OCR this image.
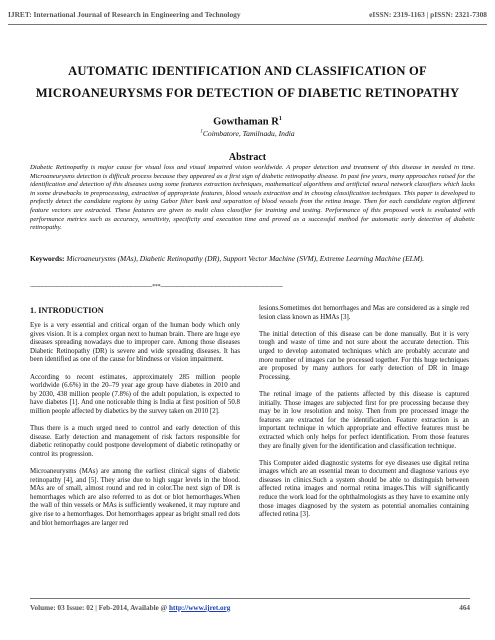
IJRET: International Journal of Research in Engineering and Technology	eISSN: 2319-1163 | pISSN: 2321-7308
AUTOMATIC IDENTIFICATION AND CLASSIFICATION OF
MICROANEURYSMS FOR DETECTION OF DIABETIC RETINOPATHY
Gowthaman $R^1$
$^1$Coimbatore, Tamilnadu, India
Abstract

Diabetic Retinopathy is major cause for visual loss and visual impaired vision worldwide. A proper detection and treatment of this disease in needed in time. Microaneurysms detection is difficult process because they appeared as a first sign of diabetic retinopathy disease. In past few years, many approaches raised for the identification and detection of this diseases using some features extraction techniques, mathematical algorithms and artificial neural network classifiers which lacks in some drawbacks in preprocessing, extraction of appropriate features, blood vessels extraction and in chosing classification techniques. This paper is developed to prefectly detect the candidate regions by using Gabor filter bank and separation of blood vessels from the retina image. Then for each candidate region different feature vectors are extracted. These features are given to multi class classifier for training and testing. Performance of this proposed work is evaluated with performance metrics such as accuracy, sensitivity, specificity and execution time and proved as a successful method for automatic early detection of diabetic retinopathy.

Keywords: Microaneurysms (MAs), Diabetic Retinopathy (DR), Support Vector Machine (SVM), Extreme Learning Machine (ELM).

------------------------------------------------------------------------***------------------------------------------------------------------------
1. INTRODUCTION

Eye is a very essential and critical organ of the human body which only gives vision. It is a complex organ next to human brain. There are huge eye diseases spreading nowadays due to improper care. Among those diseases Diabetic Retinopathy (DR) is severe and wide spreading diseases. It has been identified as one of the cause for blindness or vision impairment.

According to recent estimates, approximately 285 million people worldwide (6.6%) in the 20–79 year age group have diabetes in 2010 and by 2030, 438 million people (7.8%) of the adult population, is expected to have diabetes [1]. And one noticeable thing is India at first position of 50.8 million people affected by diabetics by the survey taken on 2010 [2].

Thus there is a much urged need to control and early detection of this disease. Early detection and management of risk factors responsible for diabetic retinopathy could postpone development of diabetic retinopathy or control its progression.

Microaneurysms (MAs) are among the earliest clinical signs of diabetic retinopathy [4], and [5]. They arise due to high sugar levels in the blood. MAs are of small, almost round and red in color.The next sign of DR is hemorrhages which are also referred to as dot or blot hemorrhages.When the wall of thin vessels or MAs is sufficiently weakened, it may rupture and give rise to a hemorrhages. Dot hemorrhages appear as bright small red dots and blot hemorrhages are larger red

lesions.Sometimes dot hemorrhages and Mas are considered as a single red lesion class known as HMAs [3].

The initial detection of this disease can be done manually. But it is very tough and waste of time and not sure about the accurate detection. This urged to develop automated techniques which are probably accurate and more number of images can be processed together. For this huge techniques are proposed by many authors for early detection of DR in Image Processing.

The retinal image of the patients affected by this disease is captured initially. Those images are subjected first for pre processing because they may be in low resolution and noisy. Then from pre processed image the features are extracted for the identification. Feature extraction is an important technique in which appropriate and effective features must be extracted which only helps for perfect identification. From those features they are finally given for the identification and classification technique.

This Computer aided diagnostic systems for eye diseases use digital retina images which are an essential mean to document and diagnose various eye diseases in clinics.Such a system should be able to distinguish between affected retina images and normal retina images.This will significantly reduce the work load for the ophthalmologists as they have to examine only those images diagnosed by the system as potential anomalies containing affected retina [3].

Volume: 03 Issue: 02 | Feb-2014, Available @ http://www.ijret.org	464
